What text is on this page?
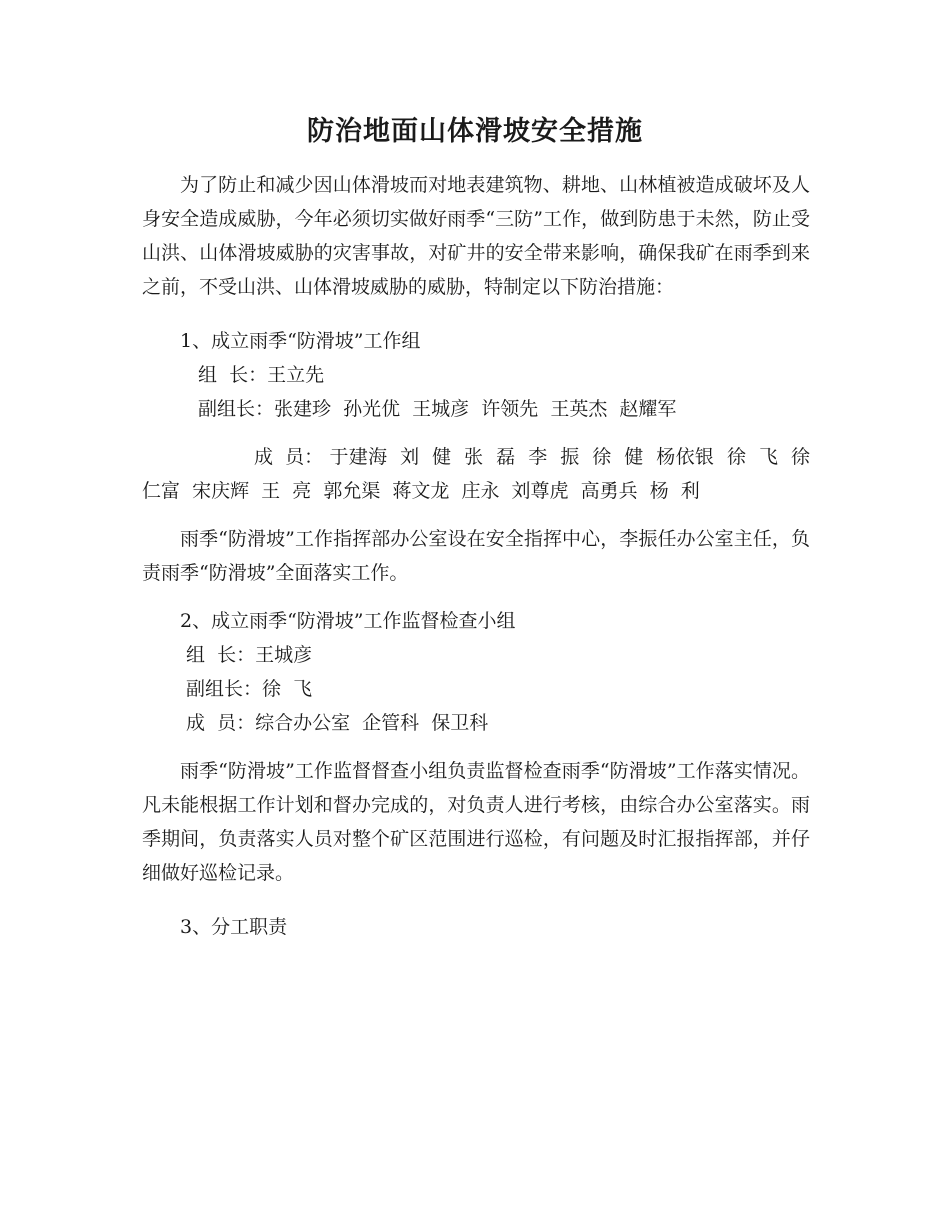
防治地面山体滑坡安全措施

为了防止和减少因山体滑坡而对地表建筑物、耕地、山林植被造成破坏及人身安全造成威胁，今年必须切实做好雨季“三防”工作，做到防患于未然，防止受山洪、山体滑坡威胁的灾害事故，对矿井的安全带来影响，确保我矿在雨季到来之前，不受山洪、山体滑坡威胁的威胁，特制定以下防治措施：

1、成立雨季“防滑坡”工作组

组  长：王立先

副组长：张建珍  孙光优  王城彦  许领先  王英杰  赵耀军

成  员： 于建海  刘  健  张  磊  李  振  徐  健  杨依银  徐  飞  徐仁富  宋庆辉  王  亮  郭允渠  蒋文龙  庄永  刘尊虎  高勇兵  杨  利

雨季“防滑坡”工作指挥部办公室设在安全指挥中心，李振任办公室主任，负责雨季“防滑坡”全面落实工作。

2、成立雨季“防滑坡”工作监督检查小组

组  长：王城彦

副组长：徐  飞

成  员：综合办公室  企管科  保卫科

雨季“防滑坡”工作监督督查小组负责监督检查雨季“防滑坡”工作落实情况。凡未能根据工作计划和督办完成的，对负责人进行考核，由综合办公室落实。雨季期间，负责落实人员对整个矿区范围进行巡检，有问题及时汇报指挥部，并仔细做好巡检记录。

3、分工职责
